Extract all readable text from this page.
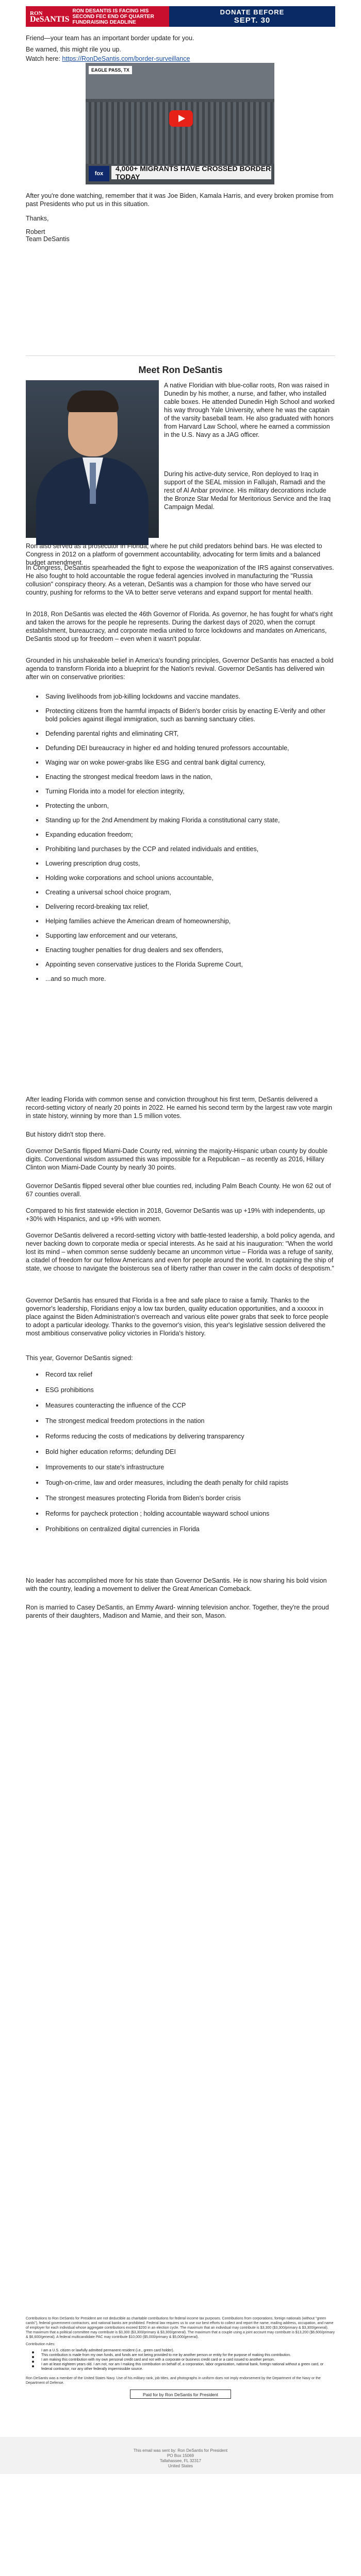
RON
DeSANTIS
RON DESANTIS IS FACING HIS SECOND FEC END OF QUARTER FUNDRAISING DEADLINE
DONATE BEFORE
SEPT. 30

Friend—your team has an important border update for you.

Be warned, this might rile you up.

Watch here: https://RonDeSantis.com/border-surveillance

EAGLE PASS, TX
fox news
4,000+ MIGRANTS HAVE CROSSED BORDER TODAY

After you're done watching, remember that it was Joe Biden, Kamala Harris, and every broken promise from past Presidents who put us in this situation.

Thanks,

Robert

Team DeSantis

Meet Ron DeSantis

A native Floridian with blue-collar roots, Ron was raised in Dunedin by his mother, a nurse, and father, who installed cable boxes. He attended Dunedin High School and worked his way through Yale University, where he was the captain of the varsity baseball team. He also graduated with honors from Harvard Law School, where he earned a commission in the U.S. Navy as a JAG officer.

During his active-duty service, Ron deployed to Iraq in support of the SEAL mission in Fallujah, Ramadi and the rest of Al Anbar province. His military decorations include the Bronze Star Medal for Meritorious Service and the Iraq Campaign Medal.

Ron also served as a prosecutor in Florida, where he put child predators behind bars. He was elected to Congress in 2012 on a platform of government accountability, advocating for term limits and a balanced budget amendment.

In Congress, DeSantis spearheaded the fight to expose the weaponization of the IRS against conservatives. He also fought to hold accountable the rogue federal agencies involved in manufacturing the "Russia collusion" conspiracy theory. As a veteran, DeSantis was a champion for those who have served our country, pushing for reforms to the VA to better serve veterans and expand support for mental health.

In 2018, Ron DeSantis was elected the 46th Governor of Florida. As governor, he has fought for what's right and taken the arrows for the people he represents. During the darkest days of 2020, when the corrupt establishment, bureaucracy, and corporate media united to force lockdowns and mandates on Americans, DeSantis stood up for freedom – even when it wasn't popular.

Grounded in his unshakeable belief in America's founding principles, Governor DeSantis has enacted a bold agenda to transform Florida into a blueprint for the Nation's revival. Governor DeSantis has delivered win after win on conservative priorities:

Saving livelihoods from job-killing lockdowns and vaccine mandates.
Protecting citizens from the harmful impacts of Biden's border crisis by enacting E-Verify and other bold policies against illegal immigration, such as banning sanctuary cities.
Defending parental rights and eliminating CRT,
Defunding DEI bureaucracy in higher ed and holding tenured professors accountable,
Waging war on woke power-grabs like ESG and central bank digital currency,
Enacting the strongest medical freedom laws in the nation,
Turning Florida into a model for election integrity,
Protecting the unborn,
Standing up for the 2nd Amendment by making Florida a constitutional carry state,
Expanding education freedom;
Prohibiting land purchases by the CCP and related individuals and entities,
Lowering prescription drug costs,
Holding woke corporations and school unions accountable,
Creating a universal school choice program,
Delivering record-breaking tax relief,
Helping families achieve the American dream of homeownership,
Supporting law enforcement and our veterans,
Enacting tougher penalties for drug dealers and sex offenders,
Appointing seven conservative justices to the Florida Supreme Court,
...and so much more.

After leading Florida with common sense and conviction throughout his first term, DeSantis delivered a record-setting victory of nearly 20 points in 2022. He earned his second term by the largest raw vote margin in state history, winning by more than 1.5 million votes.

But history didn't stop there.

Governor DeSantis flipped Miami-Dade County red, winning the majority-Hispanic urban county by double digits. Conventional wisdom assumed this was impossible for a Republican – as recently as 2016, Hillary Clinton won Miami-Dade County by nearly 30 points.

Governor DeSantis flipped several other blue counties red, including Palm Beach County. He won 62 out of 67 counties overall.

Compared to his first statewide election in 2018, Governor DeSantis was up +19% with independents, up +30% with Hispanics, and up +9% with women.

Governor DeSantis delivered a record-setting victory with battle-tested leadership, a bold policy agenda, and never backing down to corporate media or special interests. As he said at his inauguration: "When the world lost its mind – when common sense suddenly became an uncommon virtue – Florida was a refuge of sanity, a citadel of freedom for our fellow Americans and even for people around the world. In captaining the ship of state, we choose to navigate the boisterous sea of liberty rather than cower in the calm docks of despotism."

Governor DeSantis has ensured that Florida is a free and safe place to raise a family. Thanks to the governor's leadership, Floridians enjoy a low tax burden, quality education opportunities, and a xxxxxx in place against the Biden Administration's overreach and various elite power grabs that seek to force people to adopt a particular ideology. Thanks to the governor's vision, this year's legislative session delivered the most ambitious conservative policy victories in Florida's history.

This year, Governor DeSantis signed:

Record tax relief
ESG prohibitions
Measures counteracting the influence of the CCP
The strongest medical freedom protections in the nation
Reforms reducing the costs of medications by delivering transparency
Bold higher education reforms; defunding DEI
Improvements to our state's infrastructure
Tough-on-crime, law and order measures, including the death penalty for child rapists
The strongest measures protecting Florida from Biden's border crisis
Reforms for paycheck protection ; holding accountable wayward school unions
Prohibitions on centralized digital currencies in Florida

No leader has accomplished more for his state than Governor DeSantis. He is now sharing his bold vision with the country, leading a movement to deliver the Great American Comeback.

Ron is married to Casey DeSantis, an Emmy Award- winning television anchor. Together, they're the proud parents of their daughters, Madison and Mamie, and their son, Mason.

Contributions to Ron DeSantis for President are not deductible as charitable contributions for federal income tax purposes. Contributions from corporations, foreign nationals (without "green cards"), federal government contractors, and national banks are prohibited. Federal law requires us to use our best efforts to collect and report the name, mailing address, occupation, and name of employer for each individual whose aggregate contributions exceed $200 in an election cycle. The maximum that an individual may contribute is $3,300 ($3,300/primary & $3,300/general). The maximum that a political committee may contribute is $3,300 ($3,300/primary & $3,300/general). The maximum that a couple using a joint account may contribute is $13,200 ($6,600/primary & $6,600/general). A federal multicandidate PAC may contribute $10,000 ($5,000/primary & $5,000/general).

Contribution rules:

I am a U.S. citizen or lawfully admitted permanent resident (i.e., green card holder).
This contribution is made from my own funds, and funds are not being provided to me by another person or entity for the purpose of making this contribution.
I am making this contribution with my own personal credit card and not with a corporate or business credit card or a card issued to another person.
I am at least eighteen years old. I am not, nor am I making this contribution on behalf of, a corporation, labor organization, national bank, foreign national without a green card, or federal contractor, nor any other federally impermissible source.

Ron DeSantis was a member of the United States Navy. Use of his military rank, job titles, and photographs in uniform does not imply endorsement by the Department of the Navy or the Department of Defense.

Paid for by Ron DeSantis for President

This email was sent by: Ron DeSantis for President

PO Box 15069

Tallahassee, FL 32317

United States
